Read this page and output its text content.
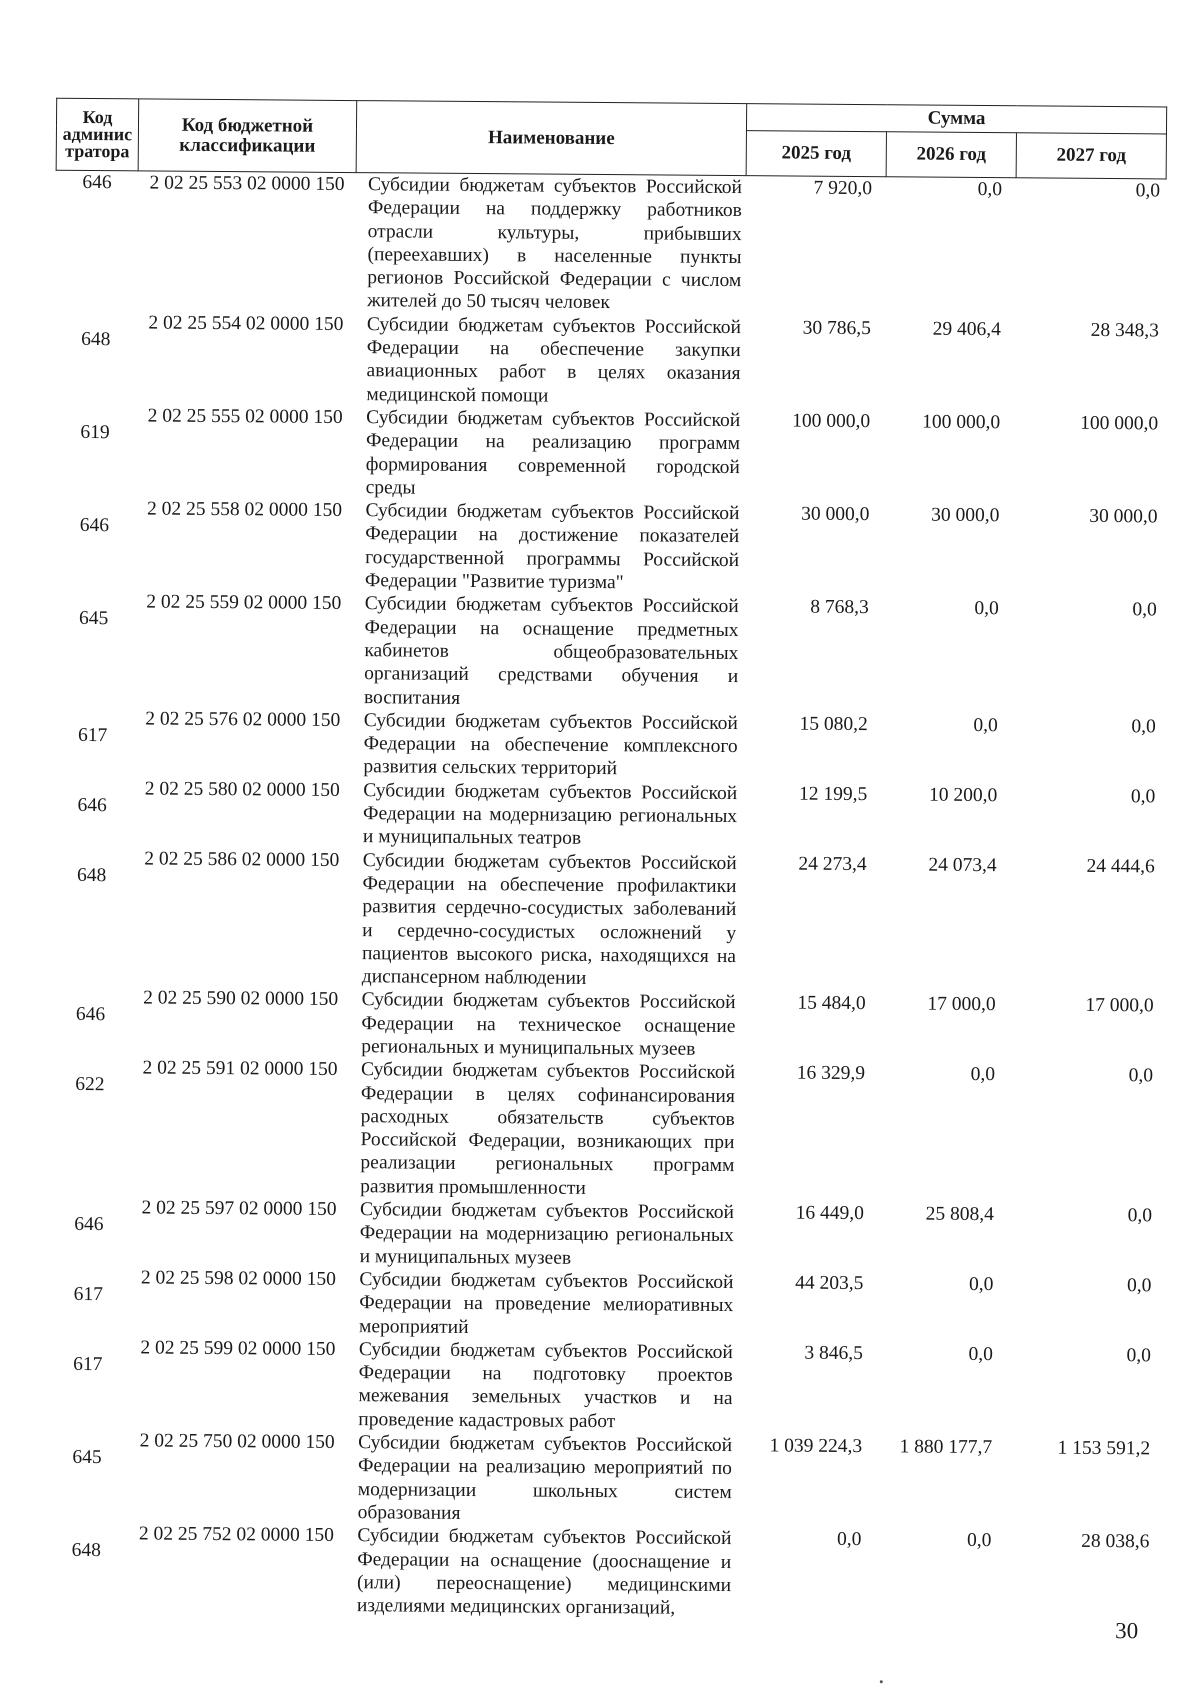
Код админис тратора	Код бюджетной классификации	Наименование	Сумма		
			2025 год	2026 год	2027 год
646	2 02 25 553 02 0000 150	Субсидии бюджетам субъектов Российской Федерации на поддержку работников отрасли культуры, прибывших (переехавших) в населенные пункты регионов Российской Федерации с числом жителей до 50 тысяч человек	7 920,0	0,0	0,0
648	2 02 25 554 02 0000 150	Субсидии бюджетам субъектов Российской Федерации на обеспечение закупки авиационных работ в целях оказания медицинской помощи	30 786,5	29 406,4	28 348,3
619	2 02 25 555 02 0000 150	Субсидии бюджетам субъектов Российской Федерации на реализацию программ формирования современной городской среды	100 000,0	100 000,0	100 000,0
646	2 02 25 558 02 0000 150	Субсидии бюджетам субъектов Российской Федерации на достижение показателей государственной программы Российской Федерации "Развитие туризма"	30 000,0	30 000,0	30 000,0
645	2 02 25 559 02 0000 150	Субсидии бюджетам субъектов Российской Федерации на оснащение предметных кабинетов общеобразовательных организаций средствами обучения и воспитания	8 768,3	0,0	0,0
617	2 02 25 576 02 0000 150	Субсидии бюджетам субъектов Российской Федерации на обеспечение комплексного развития сельских территорий	15 080,2	0,0	0,0
646	2 02 25 580 02 0000 150	Субсидии бюджетам субъектов Российской Федерации на модернизацию региональных и муниципальных театров	12 199,5	10 200,0	0,0
648	2 02 25 586 02 0000 150	Субсидии бюджетам субъектов Российской Федерации на обеспечение профилактики развития сердечно-сосудистых заболеваний и сердечно-сосудистых осложнений у пациентов высокого риска, находящихся на диспансерном наблюдении	24 273,4	24 073,4	24 444,6
646	2 02 25 590 02 0000 150	Субсидии бюджетам субъектов Российской Федерации на техническое оснащение региональных и муниципальных музеев	15 484,0	17 000,0	17 000,0
622	2 02 25 591 02 0000 150	Субсидии бюджетам субъектов Российской Федерации в целях софинансирования расходных обязательств субъектов Российской Федерации, возникающих при реализации региональных программ развития промышленности	16 329,9	0,0	0,0
646	2 02 25 597 02 0000 150	Субсидии бюджетам субъектов Российской Федерации на модернизацию региональных и муниципальных музеев	16 449,0	25 808,4	0,0
617	2 02 25 598 02 0000 150	Субсидии бюджетам субъектов Российской Федерации на проведение мелиоративных мероприятий	44 203,5	0,0	0,0
617	2 02 25 599 02 0000 150	Субсидии бюджетам субъектов Российской Федерации на подготовку проектов межевания земельных участков и на проведение кадастровых работ	3 846,5	0,0	0,0
645	2 02 25 750 02 0000 150	Субсидии бюджетам субъектов Российской Федерации на реализацию мероприятий по модернизации школьных систем образования	1 039 224,3	1 880 177,7	1 153 591,2
648	2 02 25 752 02 0000 150	Субсидии бюджетам субъектов Российской Федерации на оснащение (дооснащение и (или) переоснащение) медицинскими изделиями медицинских организаций,	0,0	0,0	28 038,6
30
